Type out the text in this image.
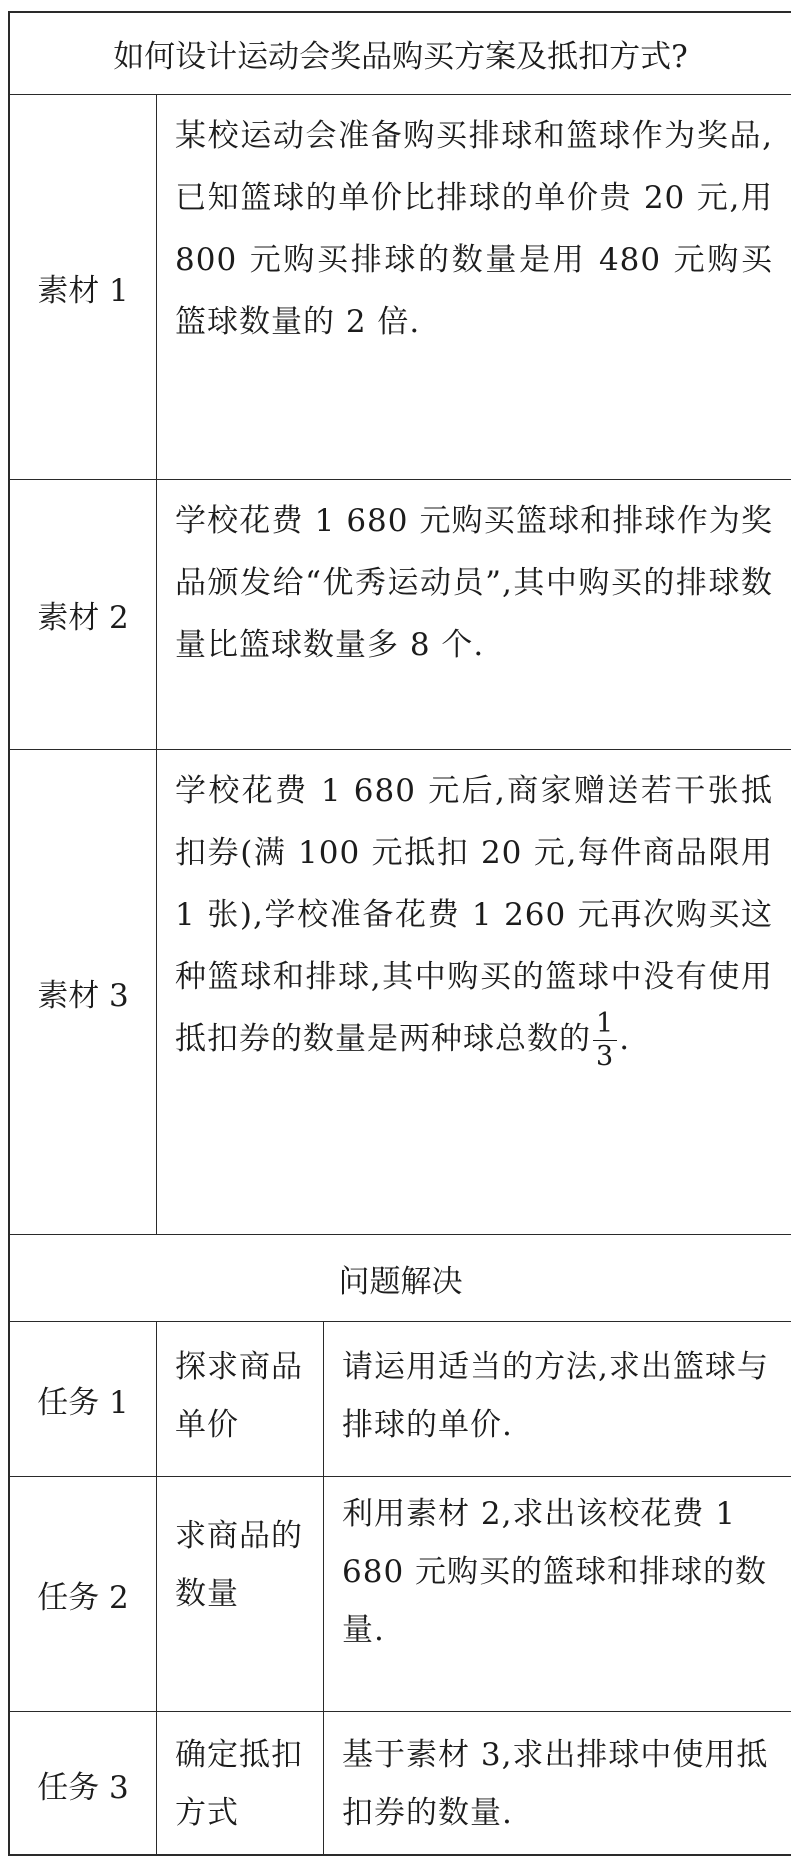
如何设计运动会奖品购买方案及抵扣方式?
素材 1
某校运动会准备购买排球和篮球作为奖品,已知篮球的单价比排球的单价贵 20 元,用 800 元购买排球的数量是用 480 元购买篮球数量的 2 倍.
素材 2
学校花费 1 680 元购买篮球和排球作为奖品颁发给“优秀运动员”,其中购买的排球数量比篮球数量多 8 个.
素材 3
学校花费 1 680 元后,商家赠送若干张抵扣券(满 100 元抵扣 20 元,每件商品限用 1 张),学校准备花费 1 260 元再次购买这种篮球和排球,其中购买的篮球中没有使用抵扣券的数量是两种球总数的 $\frac{1}{3}$ .
问题解决
任务 1
探求商品单价
请运用适当的方法,求出篮球与排球的单价.
任务 2
求商品的数量
利用素材 2,求出该校花费 1 680 元购买的篮球和排球的数量.
任务 3
确定抵扣方式
基于素材 3,求出排球中使用抵扣券的数量.
